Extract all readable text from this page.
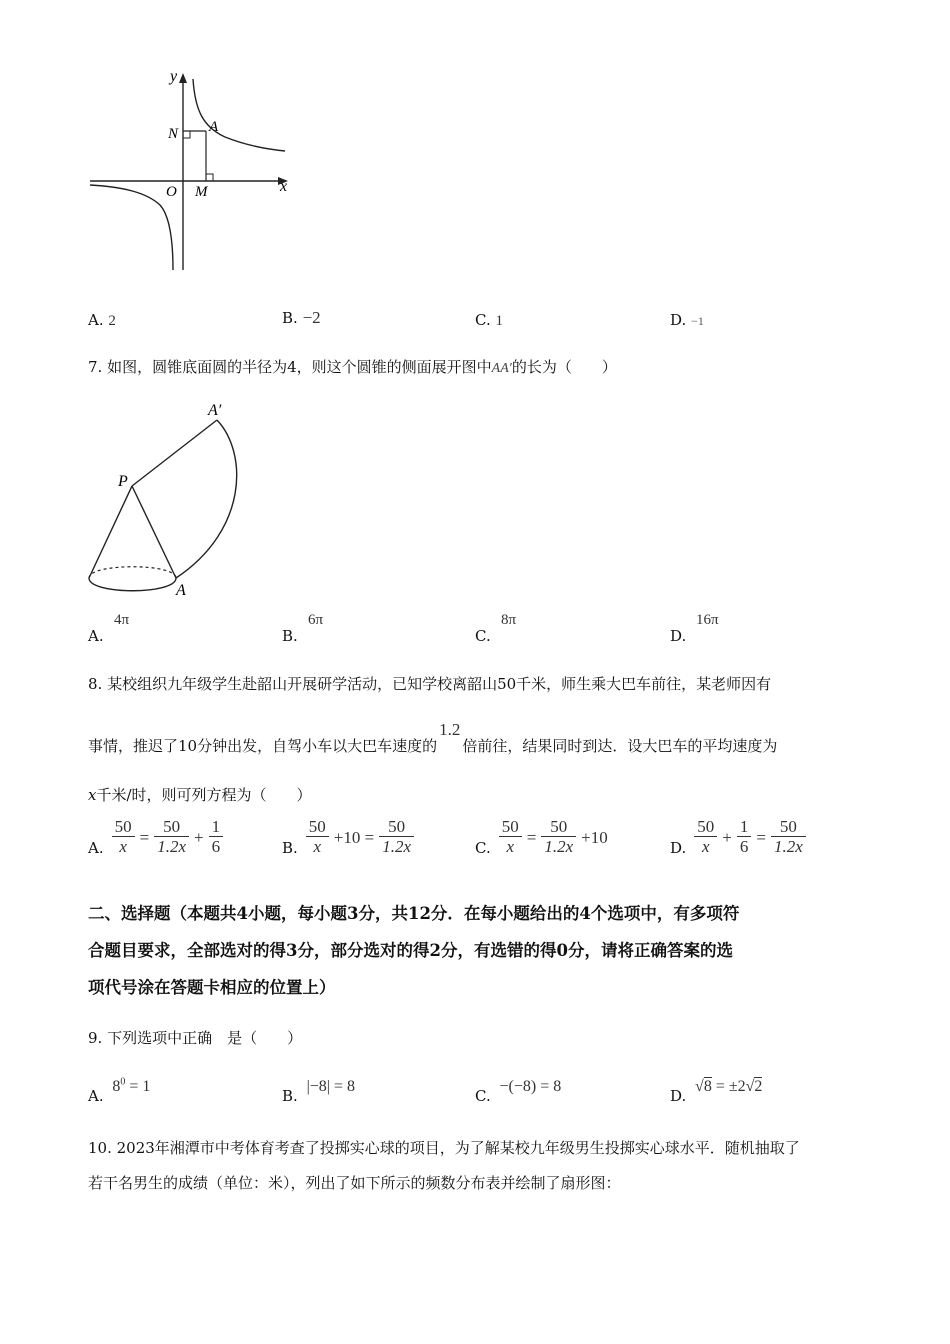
y
x
N A
O M
A. 2	B. −2	C. 1	D. −1
7. 如图，圆锥底面圆的半径为4，则这个圆锥的侧面展开图中AA′的长为（　　）
A′
P
A
A.
4π
B.
6π
C.
8π
D.
16π
8. 某校组织九年级学生赴韶山开展研学活动，已知学校离韶山50千米，师生乘大巴车前往，某老师因有
事情，推迟了10分钟出发，自驾小车以大巴车速度的1.2倍前往，结果同时到达．设大巴车的平均速度为
x千米/时，则可列方程为（　　）
A. $\frac{50}{x} = \frac{50}{1.2x} + \frac{1}{6}$	B. $\frac{50}{x} +10 = \frac{50}{1.2x}$	C. $\frac{50}{x} = \frac{50}{1.2x} +10$
D. $\frac{50}{x} + \frac{1}{6} = \frac{50}{1.2x}$
二、选择题（本题共4小题，每小题3分，共12分．在每小题给出的4个选项中，有多项符
合题目要求，全部选对的得3分，部分选对的得2分，有选错的得0分，请将正确答案的选
项代号涂在答题卡相应的位置上）
9. 下列选项中正确　是（　　）
A. $8^0 = 1$
B. |−8| = 8
C. −(−8) = 8
D. √8 = ±2√2
10. 2023年湘潭市中考体育考查了投掷实心球的项目，为了解某校九年级男生投掷实心球水平．随机抽取了
若干名男生的成绩（单位：米），列出了如下所示的频数分布表并绘制了扇形图：
